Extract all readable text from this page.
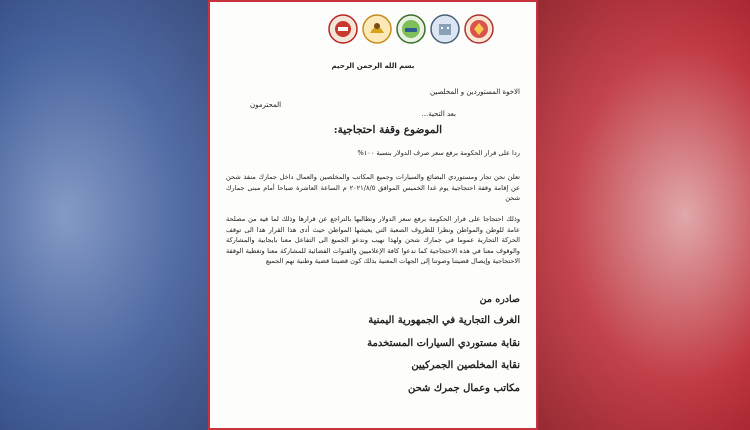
بسم الله الرحمن الرحيم
الاخوة المستوردين و المخلصين
المحترمون
بعد التحية...
الموضوع وقفة احتجاجية:
ردا على قرار الحكومة برفع سعر صرف الدولار بنسبة ١٠٠%
تعلن نحن تجار ومستوردي البضائع والسيارات وجميع المكاتب والمخلصين والعمال داخل جمارك منفذ شحن عن إقامة وقفة احتجاجية يوم غدا الخميس الموافق ٢٠٢١/٨/٥ م الساعة العاشرة صباحا أمام مبنى جمارك شحن
وذلك احتجاجا على قرار الحكومة برفع سعر الدولار وتطالبها بالتراجع عن قرارها وذلك لما فيه من مصلحة عامة للوطن والمواطن ونظرا للظروف الصعبة التي يعيشها المواطن حيث أدى هذا القرار هذا الى توقف الحركة التجارية عموما في جمارك شحن ولهذا نهيب وندعو الجميع الى التفاعل معنا بايجابية والمشاركة والوقوف معنا في هذه الاحتجاجية كما ندعوا كافة الإعلاميين والقنوات الفضائية للمشاركة معنا وتغطية الوقفة الاحتجاجية وإيصال قضيتنا وصوتنا إلى الجهات المعنية بذلك كون قضيتنا قضية وطنية تهم الجميع
صادره من
الغرف التجارية في الجمهورية اليمنية
نقابة مستوردي السيارات المستخدمة
نقابة المخلصين الجمركيين
مكاتب وعمال جمرك شحن
